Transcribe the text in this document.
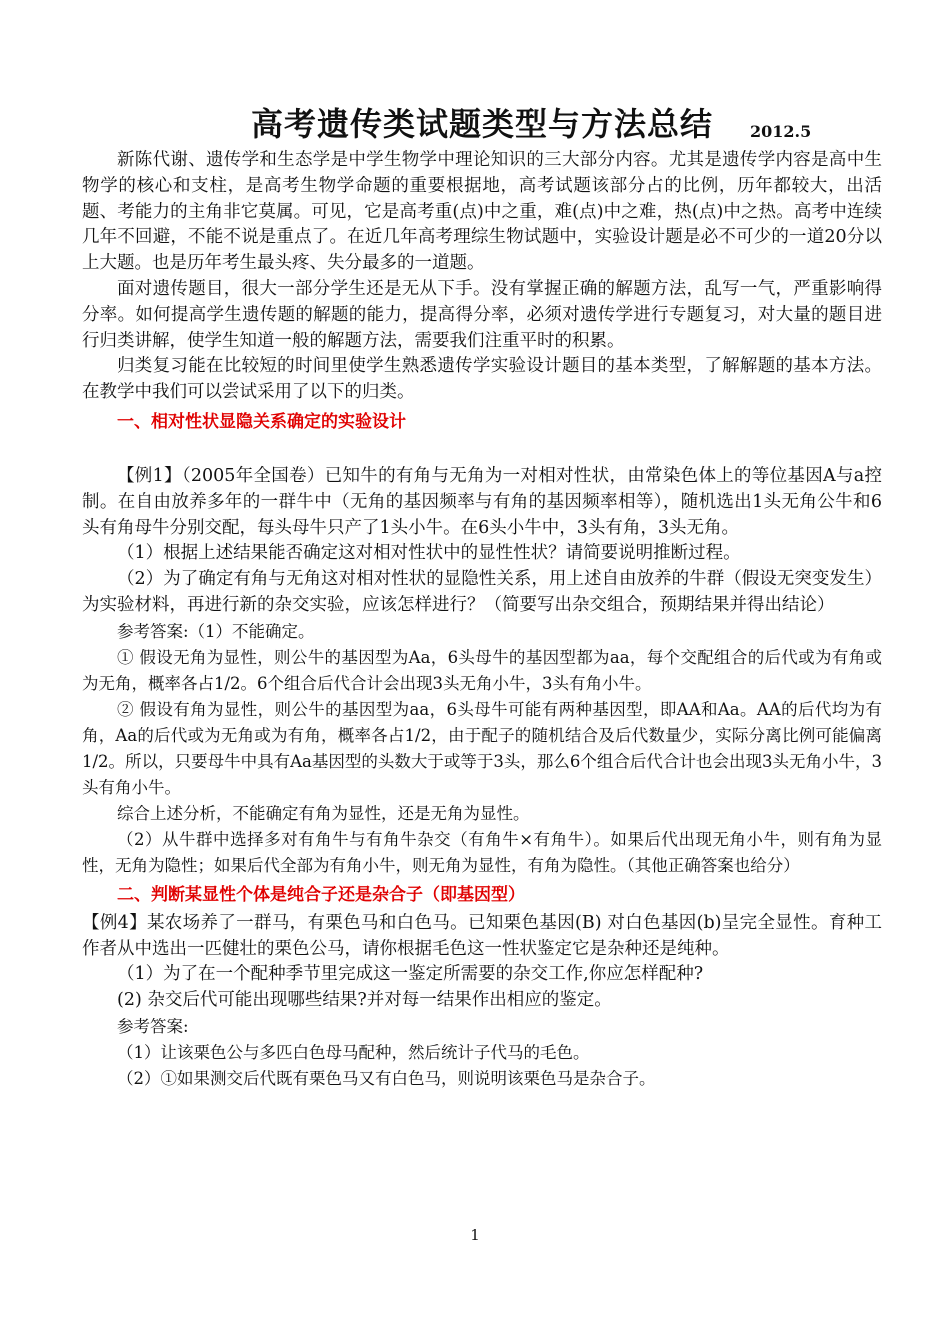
高考遗传类试题类型与方法总结 2012.5

新陈代谢、遗传学和生态学是中学生物学中理论知识的三大部分内容。尤其是遗传学内容是高中生物学的核心和支柱，是高考生物学命题的重要根据地，高考试题该部分占的比例，历年都较大，出活题、考能力的主角非它莫属。可见，它是高考重(点)中之重，难(点)中之难，热(点)中之热。高考中连续几年不回避，不能不说是重点了。在近几年高考理综生物试题中，实验设计题是必不可少的一道20分以上大题。也是历年考生最头疼、失分最多的一道题。

面对遗传题目，很大一部分学生还是无从下手。没有掌握正确的解题方法，乱写一气，严重影响得分率。如何提高学生遗传题的解题的能力，提高得分率，必须对遗传学进行专题复习，对大量的题目进行归类讲解，使学生知道一般的解题方法，需要我们注重平时的积累。

归类复习能在比较短的时间里使学生熟悉遗传学实验设计题目的基本类型，了解解题的基本方法。在教学中我们可以尝试采用了以下的归类。

一、相对性状显隐关系确定的实验设计

【例1】（2005年全国卷）已知牛的有角与无角为一对相对性状，由常染色体上的等位基因A与a控制。在自由放养多年的一群牛中（无角的基因频率与有角的基因频率相等），随机选出1头无角公牛和6头有角母牛分别交配，每头母牛只产了1头小牛。在6头小牛中，3头有角，3头无角。

（1）根据上述结果能否确定这对相对性状中的显性性状？请简要说明推断过程。

（2）为了确定有角与无角这对相对性状的显隐性关系，用上述自由放养的牛群（假设无突变发生）为实验材料，再进行新的杂交实验，应该怎样进行？（简要写出杂交组合，预期结果并得出结论）

参考答案:（1）不能确定。

① 假设无角为显性，则公牛的基因型为Aa，6头母牛的基因型都为aa，每个交配组合的后代或为有角或为无角，概率各占1/2。6个组合后代合计会出现3头无角小牛，3头有角小牛。

② 假设有角为显性，则公牛的基因型为aa，6头母牛可能有两种基因型，即AA和Aa。AA的后代均为有角，Aa的后代或为无角或为有角，概率各占1/2，由于配子的随机结合及后代数量少，实际分离比例可能偏离1/2。所以，只要母牛中具有Aa基因型的头数大于或等于3头，那么6个组合后代合计也会出现3头无角小牛，3头有角小牛。

综合上述分析，不能确定有角为显性，还是无角为显性。

（2）从牛群中选择多对有角牛与有角牛杂交（有角牛×有角牛）。如果后代出现无角小牛，则有角为显性，无角为隐性；如果后代全部为有角小牛，则无角为显性，有角为隐性。（其他正确答案也给分）

二、判断某显性个体是纯合子还是杂合子（即基因型）

【例4】某农场养了一群马，有栗色马和白色马。已知栗色基因(B) 对白色基因(b)呈完全显性。育种工作者从中选出一匹健壮的栗色公马，请你根据毛色这一性状鉴定它是杂种还是纯种。

（1）为了在一个配种季节里完成这一鉴定所需要的杂交工作,你应怎样配种?

(2) 杂交后代可能出现哪些结果?并对每一结果作出相应的鉴定。

参考答案:

（1）让该栗色公与多匹白色母马配种，然后统计子代马的毛色。

（2）①如果测交后代既有栗色马又有白色马，则说明该栗色马是杂合子。

1
